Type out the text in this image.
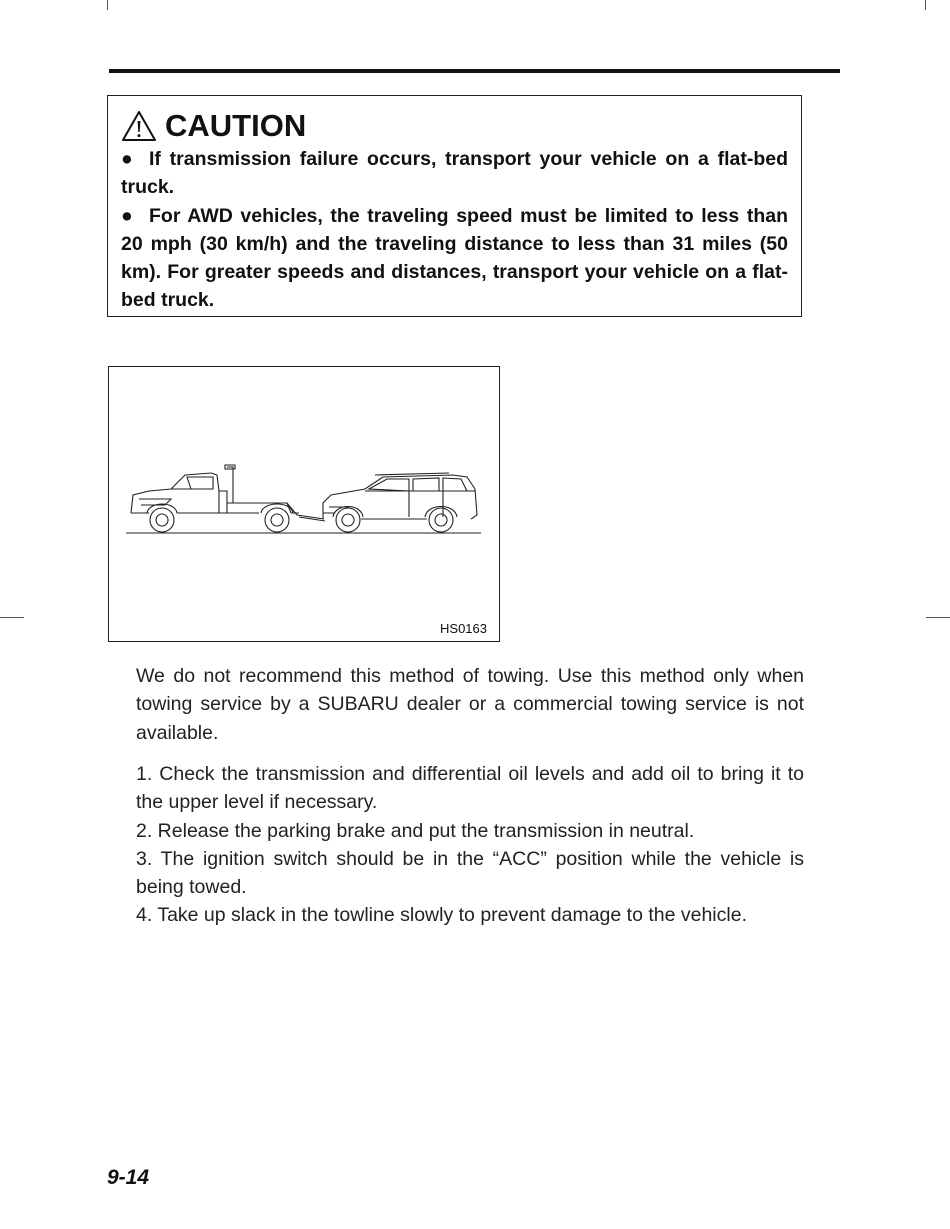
CAUTION
● If transmission failure occurs, transport your vehicle on a flat-bed truck.
● For AWD vehicles, the traveling speed must be limited to less than 20 mph (30 km/h) and the traveling distance to less than 31 miles (50 km). For greater speeds and distances, transport your vehicle on a flat-bed truck.
HS0163
We do not recommend this method of towing. Use this method only when towing service by a SUBARU dealer or a commercial towing service is not available.

1. Check the transmission and differential oil levels and add oil to bring it to the upper level if necessary.

2. Release the parking brake and put the transmission in neutral.

3. The ignition switch should be in the “ACC” position while the vehicle is being towed.

4. Take up slack in the towline slowly to prevent damage to the vehicle.

9-14
